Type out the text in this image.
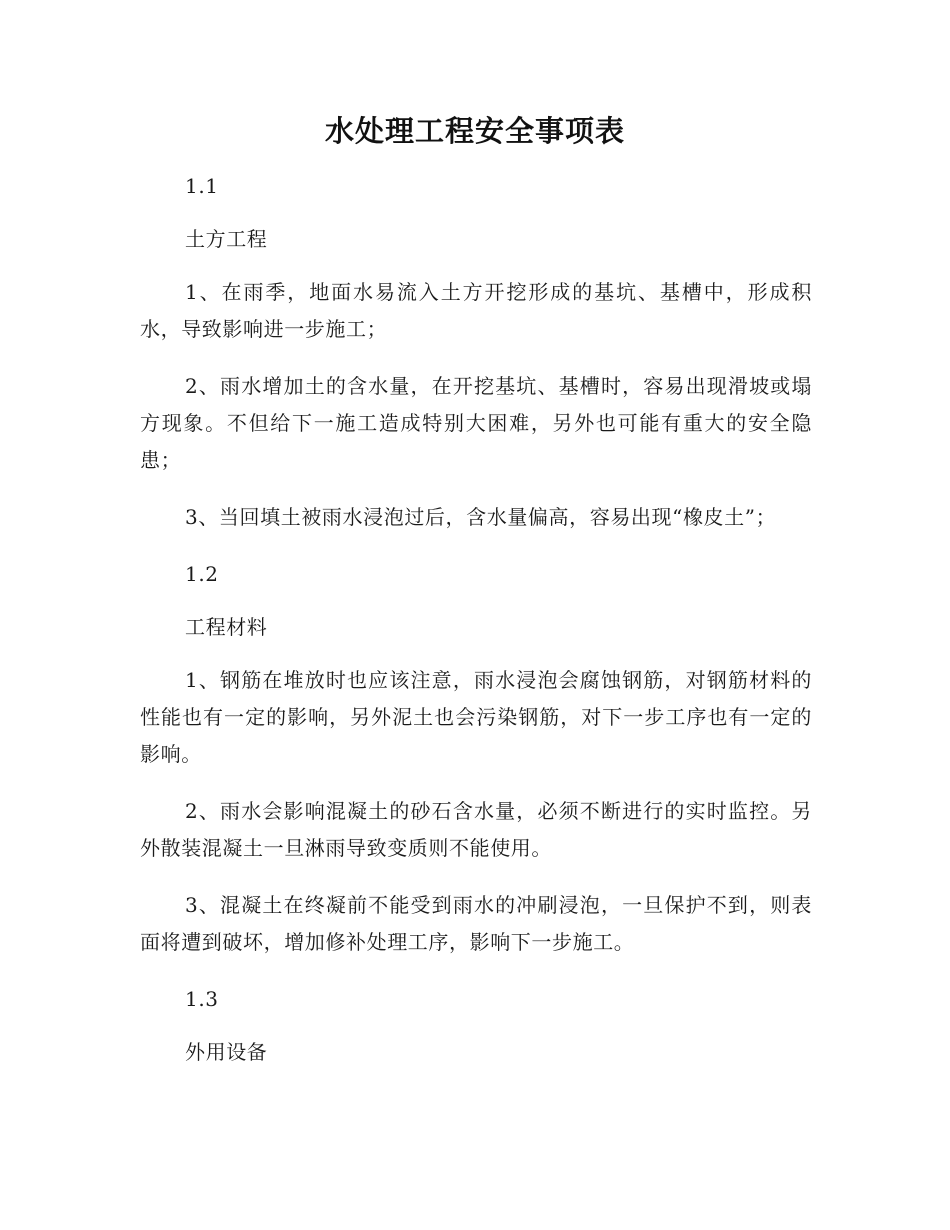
水处理工程安全事项表

1.1

土方工程

1、在雨季，地面水易流入土方开挖形成的基坑、基槽中，形成积水，导致影响进一步施工；

2、雨水增加土的含水量，在开挖基坑、基槽时，容易出现滑坡或塌方现象。不但给下一施工造成特别大困难，另外也可能有重大的安全隐患；

3、当回填土被雨水浸泡过后，含水量偏高，容易出现“橡皮土”；

1.2

工程材料

1、钢筋在堆放时也应该注意，雨水浸泡会腐蚀钢筋，对钢筋材料的性能也有一定的影响，另外泥土也会污染钢筋，对下一步工序也有一定的影响。

2、雨水会影响混凝土的砂石含水量，必须不断进行的实时监控。另外散装混凝土一旦淋雨导致变质则不能使用。

3、混凝土在终凝前不能受到雨水的冲刷浸泡，一旦保护不到，则表面将遭到破坏，增加修补处理工序，影响下一步施工。

1.3

外用设备
